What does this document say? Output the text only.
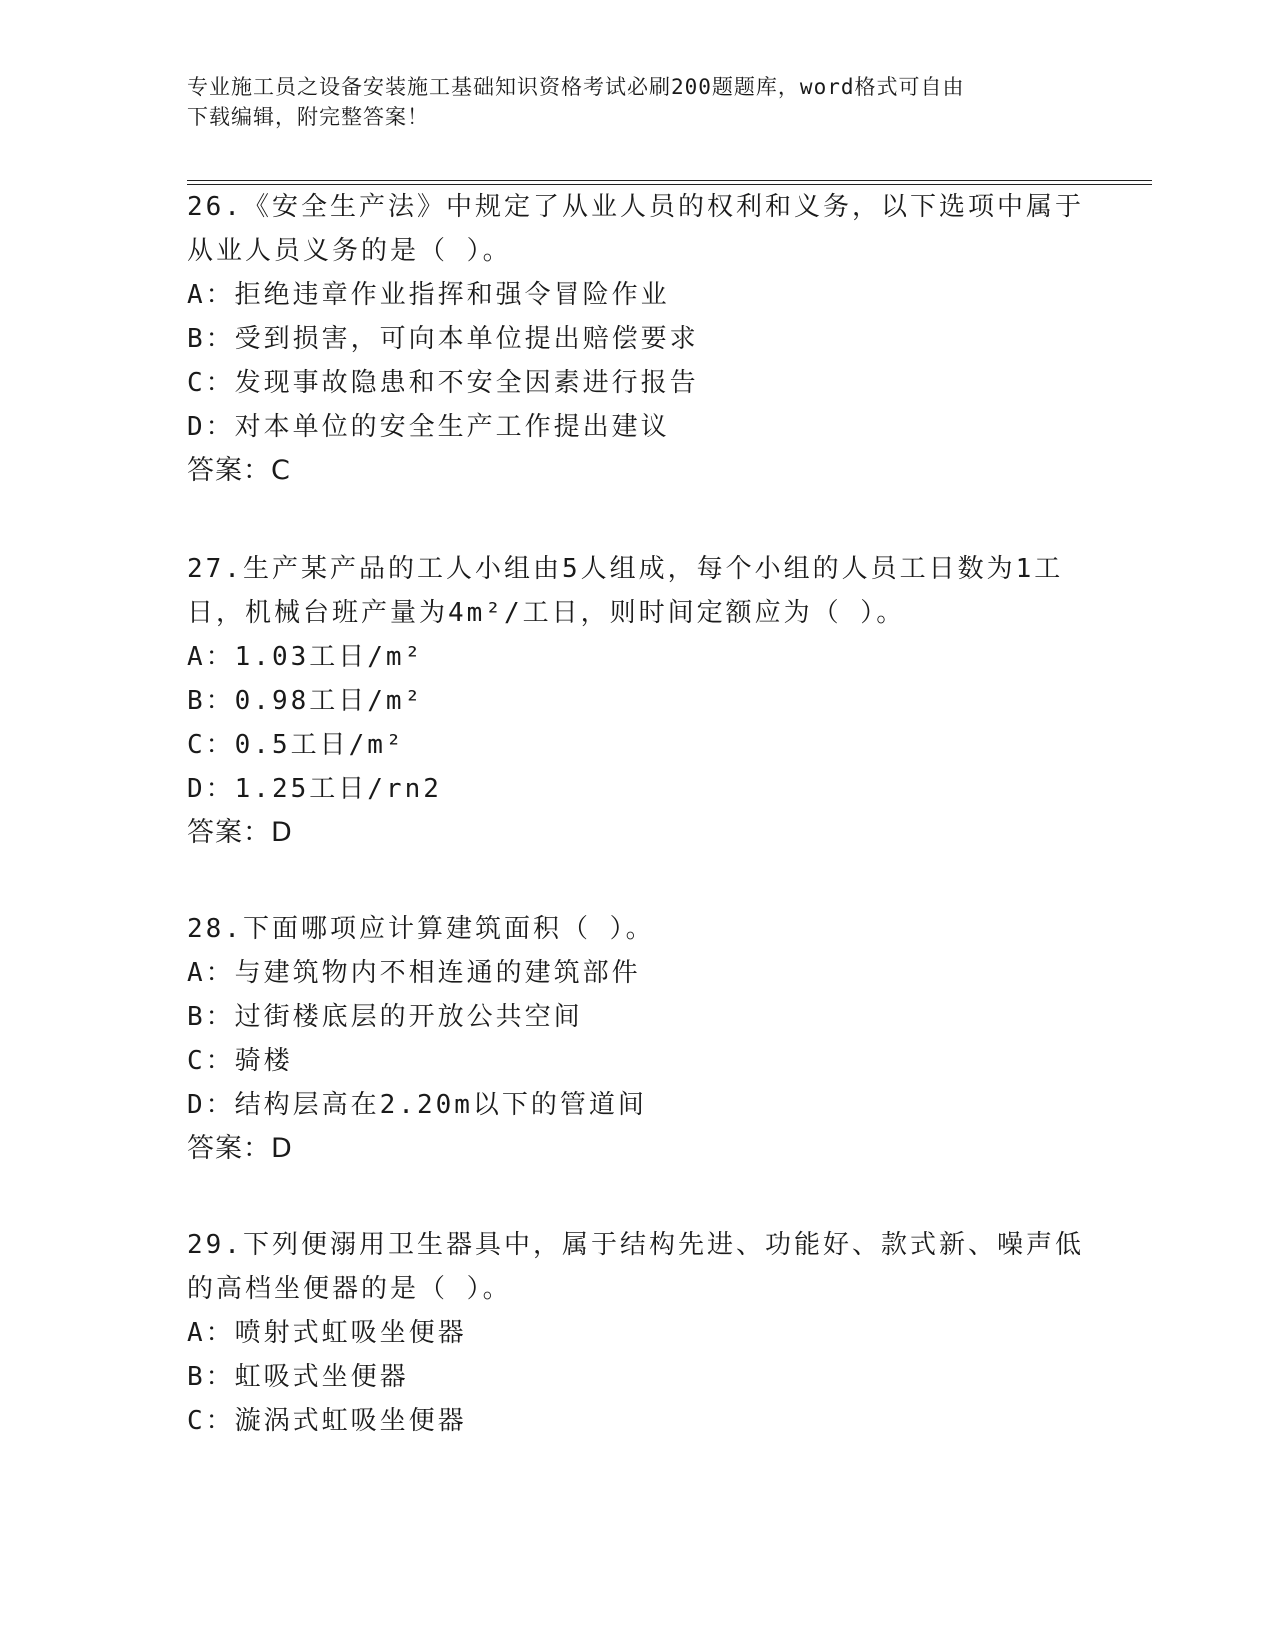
专业施工员之设备安装施工基础知识资格考试必刷200题题库，word格式可自由
下载编辑，附完整答案！
26.《安全生产法》中规定了从业人员的权利和义务，以下选项中属于
从业人员义务的是（ ）。
A：拒绝违章作业指挥和强令冒险作业
B：受到损害，可向本单位提出赔偿要求
C：发现事故隐患和不安全因素进行报告
D：对本单位的安全生产工作提出建议
答案：C
27.生产某产品的工人小组由5人组成，每个小组的人员工日数为1工
日，机械台班产量为4m²/工日，则时间定额应为（ ）。
A：1.03工日/m²
B：0.98工日/m²
C：0.5工日/m²
D：1.25工日/rn2
答案：D
28.下面哪项应计算建筑面积（ ）。
A：与建筑物内不相连通的建筑部件
B：过街楼底层的开放公共空间
C：骑楼
D：结构层高在2.20m以下的管道间
答案：D
29.下列便溺用卫生器具中，属于结构先进、功能好、款式新、噪声低
的高档坐便器的是（ ）。
A：喷射式虹吸坐便器
B：虹吸式坐便器
C：漩涡式虹吸坐便器
